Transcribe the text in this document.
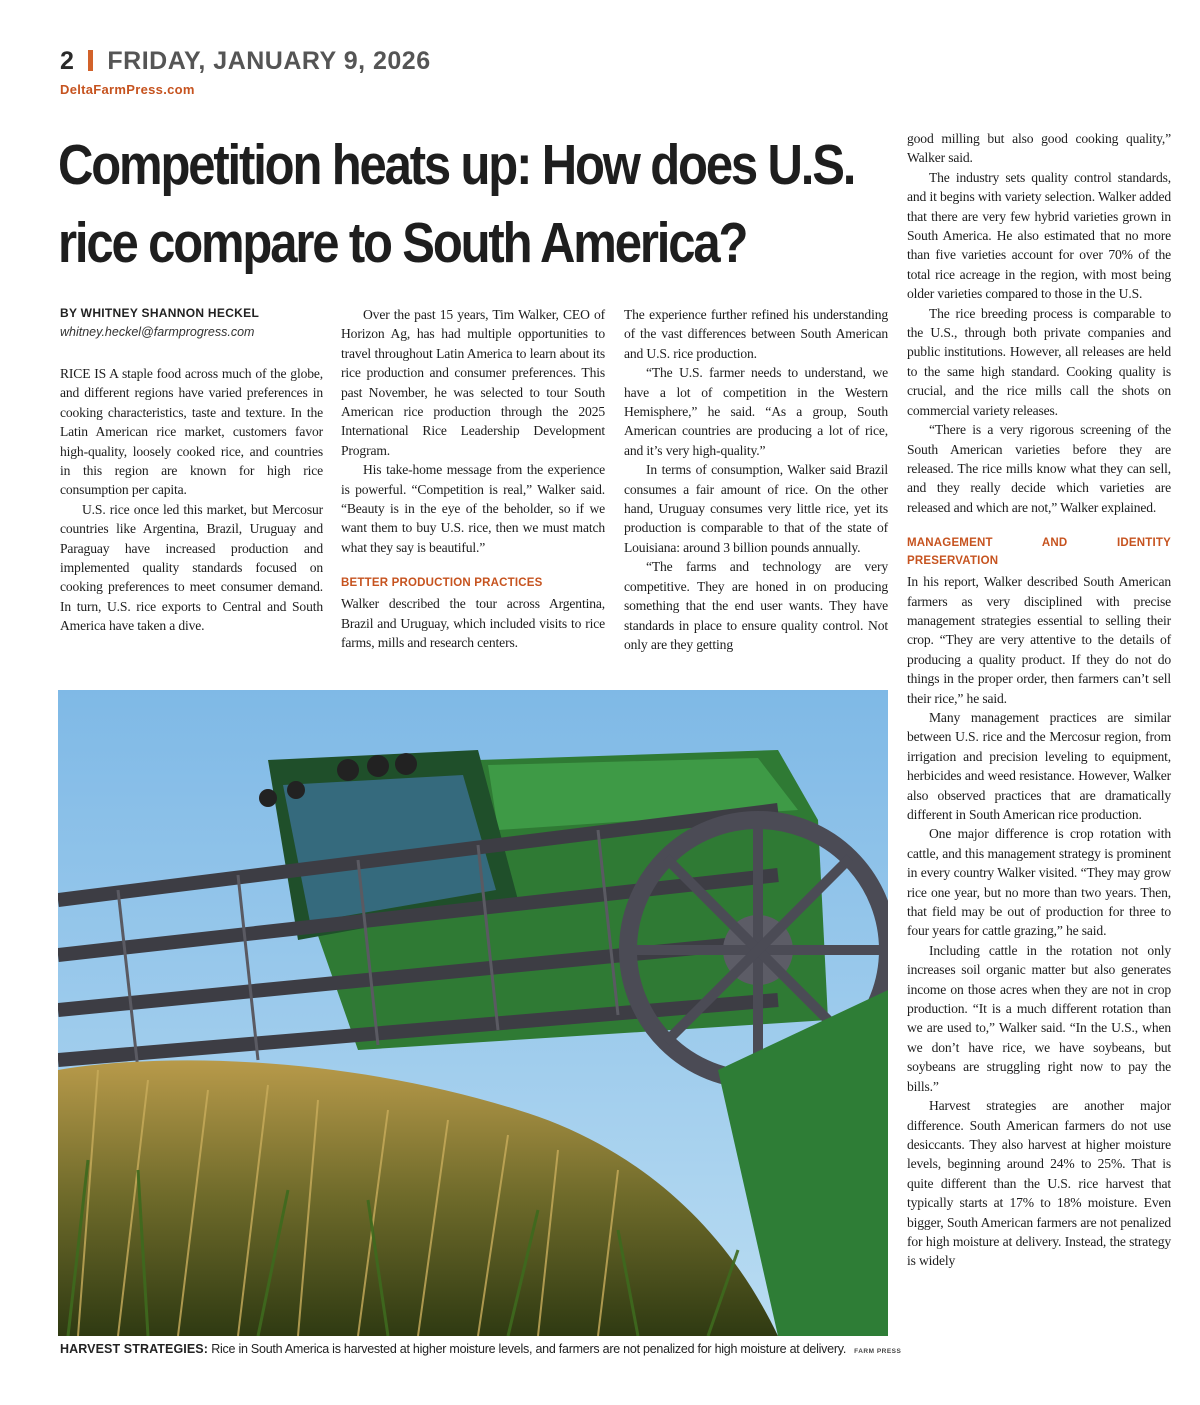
2 FRIDAY, JANUARY 9, 2026
DeltaFarmPress.com
Competition heats up: How does U.S. rice compare to South America?
BY WHITNEY SHANNON HECKEL
whitney.heckel@farmprogress.com

RICE IS A staple food across much of the globe, and different regions have varied preferences in cooking characteristics, taste and texture. In the Latin American rice market, customers favor high-quality, loosely cooked rice, and countries in this region are known for high rice consumption per capita.

U.S. rice once led this market, but Mercosur countries like Argentina, Brazil, Uruguay and Paraguay have increased production and implemented quality standards focused on cooking preferences to meet consumer demand. In turn, U.S. rice exports to Central and South America have taken a dive.

Over the past 15 years, Tim Walker, CEO of Horizon Ag, has had multiple opportunities to travel throughout Latin America to learn about its rice production and consumer preferences. This past November, he was selected to tour South American rice production through the 2025 International Rice Leadership Development Program.

His take-home message from the experience is powerful. “Competition is real,” Walker said. “Beauty is in the eye of the beholder, so if we want them to buy U.S. rice, then we must match what they say is beautiful.”

BETTER PRODUCTION PRACTICES

Walker described the tour across Argentina, Brazil and Uruguay, which included visits to rice farms, mills and research centers.

The experience further refined his understanding of the vast differences between South American and U.S. rice production.

“The U.S. farmer needs to understand, we have a lot of competition in the Western Hemisphere,” he said. “As a group, South American countries are producing a lot of rice, and it’s very high-quality.”

In terms of consumption, Walker said Brazil consumes a fair amount of rice. On the other hand, Uruguay consumes very little rice, yet its production is comparable to that of the state of Louisiana: around 3 billion pounds annually.

“The farms and technology are very competitive. They are honed in on producing something that the end user wants. They have standards in place to ensure quality control. Not only are they getting

good milling but also good cooking quality,” Walker said.

The industry sets quality control standards, and it begins with variety selection. Walker added that there are very few hybrid varieties grown in South America. He also estimated that no more than five varieties account for over 70% of the total rice acreage in the region, with most being older varieties compared to those in the U.S.

The rice breeding process is comparable to the U.S., through both private companies and public institutions. However, all releases are held to the same high standard. Cooking quality is crucial, and the rice mills call the shots on commercial variety releases.

“There is a very rigorous screening of the South American varieties before they are released. The rice mills know what they can sell, and they really decide which varieties are released and which are not,” Walker explained.

MANAGEMENT AND IDENTITY PRESERVATION

In his report, Walker described South American farmers as very disciplined with precise management strategies essential to selling their crop. “They are very attentive to the details of producing a quality product. If they do not do things in the proper order, then farmers can’t sell their rice,” he said.

Many management practices are similar between U.S. rice and the Mercosur region, from irrigation and precision leveling to equipment, herbicides and weed resistance. However, Walker also observed practices that are dramatically different in South American rice production.

One major difference is crop rotation with cattle, and this management strategy is prominent in every country Walker visited. “They may grow rice one year, but no more than two years. Then, that field may be out of production for three to four years for cattle grazing,” he said.

Including cattle in the rotation not only increases soil organic matter but also generates income on those acres when they are not in crop production. “It is a much different rotation than we are used to,” Walker said. “In the U.S., when we don’t have rice, we have soybeans, but soybeans are struggling right now to pay the bills.”

Harvest strategies are another major difference. South American farmers do not use desiccants. They also harvest at higher moisture levels, beginning around 24% to 25%. That is quite different than the U.S. rice harvest that typically starts at 17% to 18% moisture. Even bigger, South American farmers are not penalized for high moisture at delivery. Instead, the strategy is widely

HARVEST STRATEGIES: Rice in South America is harvested at higher moisture levels, and farmers are not penalized for high moisture at delivery. FARM PRESS
